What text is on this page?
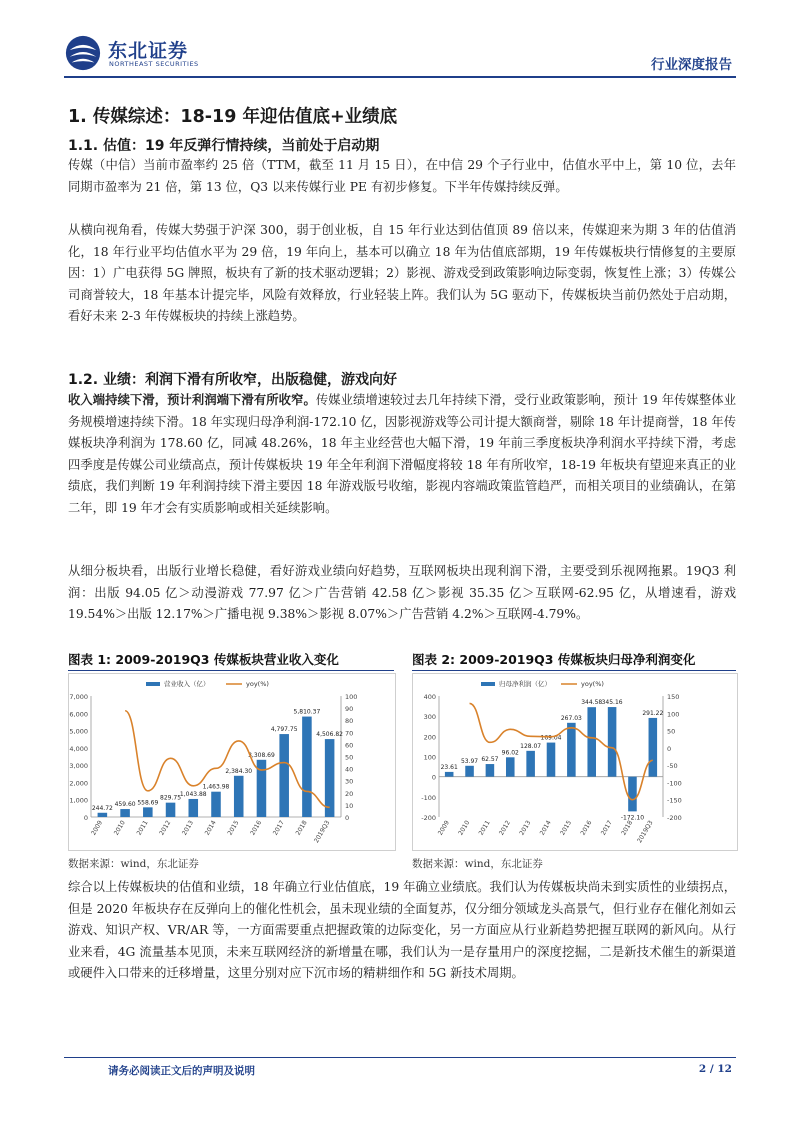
东北证券
NORTHEAST SECURITIES	行业深度报告
1. 传媒综述：18-19 年迎估值底+业绩底
1.1. 估值：19 年反弹行情持续，当前处于启动期

传媒（中信）当前市盈率约 25 倍（TTM，截至 11 月 15 日），在中信 29 个子行业中，估值水平中上，第 10 位，去年同期市盈率为 21 倍，第 13 位，Q3 以来传媒行业 PE 有初步修复。下半年传媒持续反弹。

从横向视角看，传媒大势强于沪深 300，弱于创业板，自 15 年行业达到估值顶 89 倍以来，传媒迎来为期 3 年的估值消化，18 年行业平均估值水平为 29 倍，19 年向上，基本可以确立 18 年为估值底部期，19 年传媒板块行情修复的主要原因：1）广电获得 5G 牌照，板块有了新的技术驱动逻辑；2）影视、游戏受到政策影响边际变弱，恢复性上涨；3）传媒公司商誉较大，18 年基本计提完毕，风险有效释放，行业轻装上阵。我们认为 5G 驱动下，传媒板块当前仍然处于启动期，看好未来 2-3 年传媒板块的持续上涨趋势。

1.2. 业绩：利润下滑有所收窄，出版稳健，游戏向好

收入端持续下滑，预计利润端下滑有所收窄。传媒业绩增速较过去几年持续下滑，受行业政策影响，预计 19 年传媒整体业务规模增速持续下滑。18 年实现归母净利润-172.10 亿，因影视游戏等公司计提大额商誉，剔除 18 年计提商誉，18 年传媒板块净利润为 178.60 亿，同减 48.26%，18 年主业经营也大幅下滑，19 年前三季度板块净利润水平持续下滑，考虑四季度是传媒公司业绩高点，预计传媒板块 19 年全年利润下滑幅度将较 18 年有所收窄，18-19 年板块有望迎来真正的业绩底，我们判断 19 年利润持续下滑主要因 18 年游戏版号收缩，影视内容端政策监管趋严，而相关项目的业绩确认，在第二年，即 19 年才会有实质影响或相关延续影响。

从细分板块看，出版行业增长稳健，看好游戏业绩向好趋势，互联网板块出现利润下滑，主要受到乐视网拖累。19Q3 利润：出版 94.05 亿＞动漫游戏 77.97 亿＞广告营销 42.58 亿＞影视 35.35 亿＞互联网-62.95 亿，从增速看，游戏 19.54%＞出版 12.17%＞广播电视 9.38%＞影视 8.07%＞广告营销 4.2%＞互联网-4.79%。

图表 1: 2009-2019Q3 传媒板块营业收入变化
0
1,000
2,000
3,000
4,000
5,000
6,000
7,000
0
10
20
30
40
50
60
70
80
90
100
244.72
459.60 558.69
829.75
1,043.88
1,463.98
2,384.30
3,308.69
4,797.75
5,810.37
4,506.82
2009 2010 2011 2012 2013 2014 2015 2016 2017 2018 2019Q3
营业收入（亿）	yoy(%)
数据来源：wind，东北证券
图表 2: 2009-2019Q3 传媒板块归母净利润变化
-200
-100
0
100
200
300
400
-200
-150
-100
-50
0
50
100
150
23.61
53.97 62.57
96.02
128.07
169.04
267.03
344.58 345.16
-172.10
291.22
2009 2010 2011 2012 2013 2014 2015 2016 2017 2018 2019Q3
归母净利润（亿）	yoy(%)
数据来源：wind，东北证券

综合以上传媒板块的估值和业绩，18 年确立行业估值底，19 年确立业绩底。我们认为传媒板块尚未到实质性的业绩拐点，但是 2020 年板块存在反弹向上的催化性机会，虽未现业绩的全面复苏，仅分细分领域龙头高景气，但行业存在催化剂如云游戏、知识产权、VR/AR 等，一方面需要重点把握政策的边际变化，另一方面应从行业新趋势把握互联网的新风向。从行业来看，4G 流量基本见顶，未来互联网经济的新增量在哪，我们认为一是存量用户的深度挖掘，二是新技术催生的新渠道或硬件入口带来的迁移增量，这里分别对应下沉市场的精耕细作和 5G 新技术周期。

请务必阅读正文后的声明及说明	2 / 12
